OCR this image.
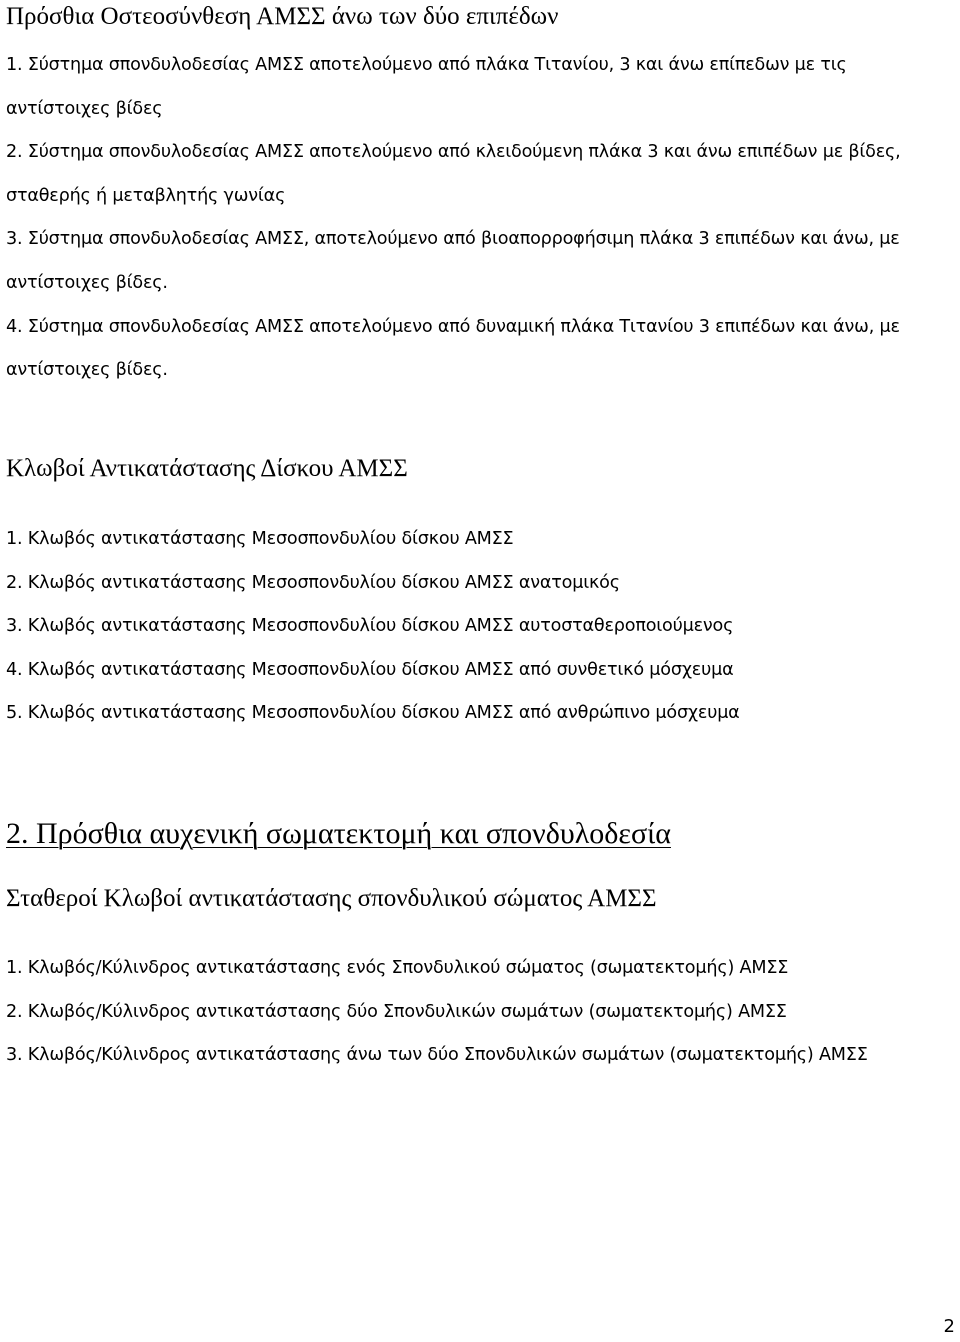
Πρόσθια Οστεοσύνθεση ΑΜΣΣ άνω των δύο επιπέδων
1. Σύστημα σπονδυλοδεσίας ΑΜΣΣ αποτελούμενο από πλάκα Τιτανίου, 3 και άνω επίπεδων με τις αντίστοιχες βίδες
2. Σύστημα σπονδυλοδεσίας ΑΜΣΣ αποτελούμενο από κλειδούμενη πλάκα 3 και άνω επιπέδων με βίδες, σταθερής ή μεταβλητής γωνίας
3. Σύστημα σπονδυλοδεσίας ΑΜΣΣ, αποτελούμενο από βιοαπορροφήσιμη πλάκα 3 επιπέδων και άνω, με αντίστοιχες βίδες.
4. Σύστημα σπονδυλοδεσίας ΑΜΣΣ αποτελούμενο από δυναμική πλάκα Τιτανίου 3 επιπέδων και άνω, με αντίστοιχες βίδες.
Κλωβοί Αντικατάστασης Δίσκου ΑΜΣΣ
1. Κλωβός αντικατάστασης Μεσοσπονδυλίου δίσκου ΑΜΣΣ
2. Κλωβός αντικατάστασης Μεσοσπονδυλίου δίσκου ΑΜΣΣ ανατομικός
3. Κλωβός αντικατάστασης Μεσοσπονδυλίου δίσκου ΑΜΣΣ αυτοσταθεροποιούμενος
4. Κλωβός αντικατάστασης Μεσοσπονδυλίου δίσκου ΑΜΣΣ από συνθετικό μόσχευμα
5. Κλωβός αντικατάστασης Μεσοσπονδυλίου δίσκου ΑΜΣΣ από ανθρώπινο μόσχευμα
2. Πρόσθια αυχενική σωματεκτομή και σπονδυλοδεσία
Σταθεροί Κλωβοί αντικατάστασης σπονδυλικού σώματος ΑΜΣΣ
1. Κλωβός/Κύλινδρος αντικατάστασης ενός Σπονδυλικού σώματος (σωματεκτομής) ΑΜΣΣ
2. Κλωβός/Κύλινδρος αντικατάστασης δύο Σπονδυλικών σωμάτων (σωματεκτομής) ΑΜΣΣ
3. Κλωβός/Κύλινδρος αντικατάστασης άνω των δύο Σπονδυλικών σωμάτων (σωματεκτομής) ΑΜΣΣ
2
